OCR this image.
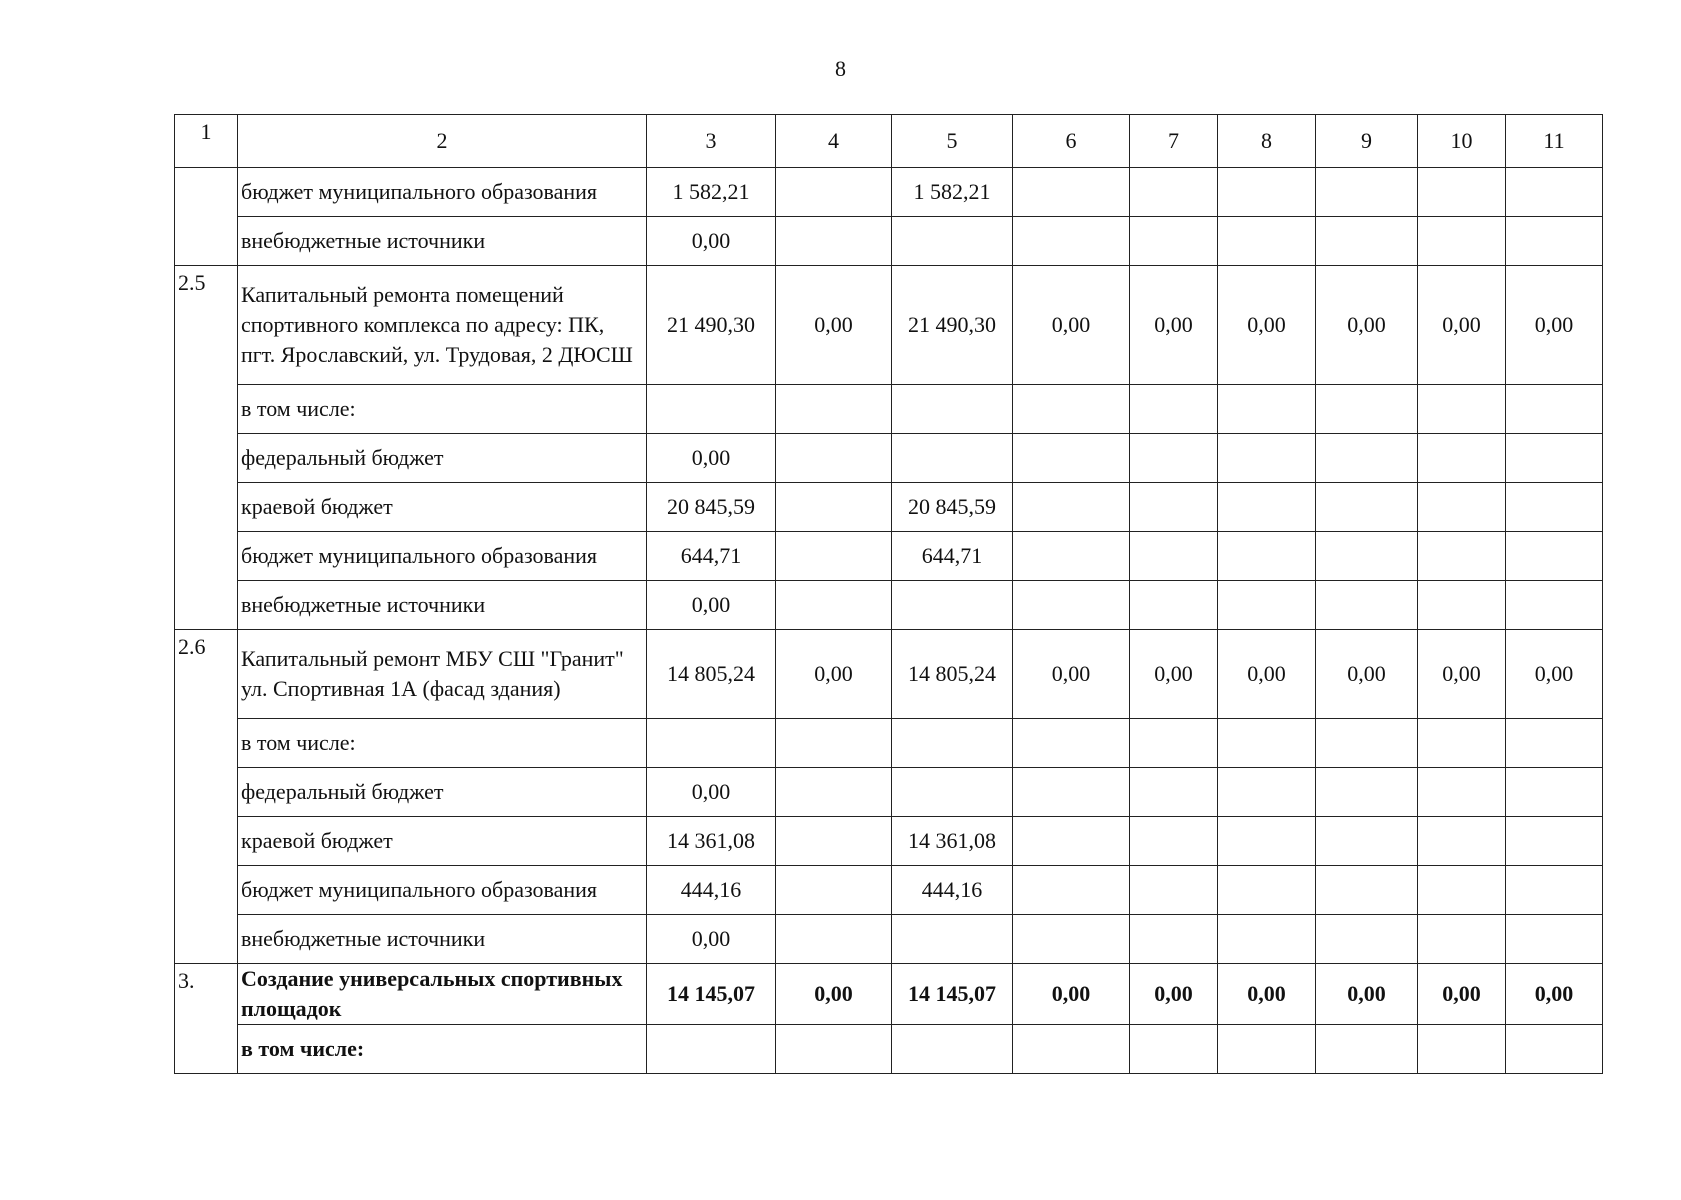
8
1	2	3	4	5	6	7	8	9	10	11
	бюджет муниципального образования	1 582,21		1 582,21						
	внебюджетные источники	0,00								
2.5	Капитальный ремонта помещений спортивного комплекса по адресу: ПК, пгт. Ярославский, ул. Трудовая, 2 ДЮСШ	21 490,30	0,00	21 490,30	0,00	0,00	0,00	0,00	0,00	0,00
	в том числе:									
	федеральный бюджет	0,00								
	краевой бюджет	20 845,59		20 845,59						
	бюджет муниципального образования	644,71		644,71						
	внебюджетные источники	0,00								
2.6	Капитальный ремонт МБУ СШ "Гранит" ул. Спортивная 1А (фасад здания)	14 805,24	0,00	14 805,24	0,00	0,00	0,00	0,00	0,00	0,00
	в том числе:									
	федеральный бюджет	0,00								
	краевой бюджет	14 361,08		14 361,08						
	бюджет муниципального образования	444,16		444,16						
	внебюджетные источники	0,00								
3.	Создание универсальных спортивных площадок	14 145,07	0,00	14 145,07	0,00	0,00	0,00	0,00	0,00	0,00
	в том числе:									
